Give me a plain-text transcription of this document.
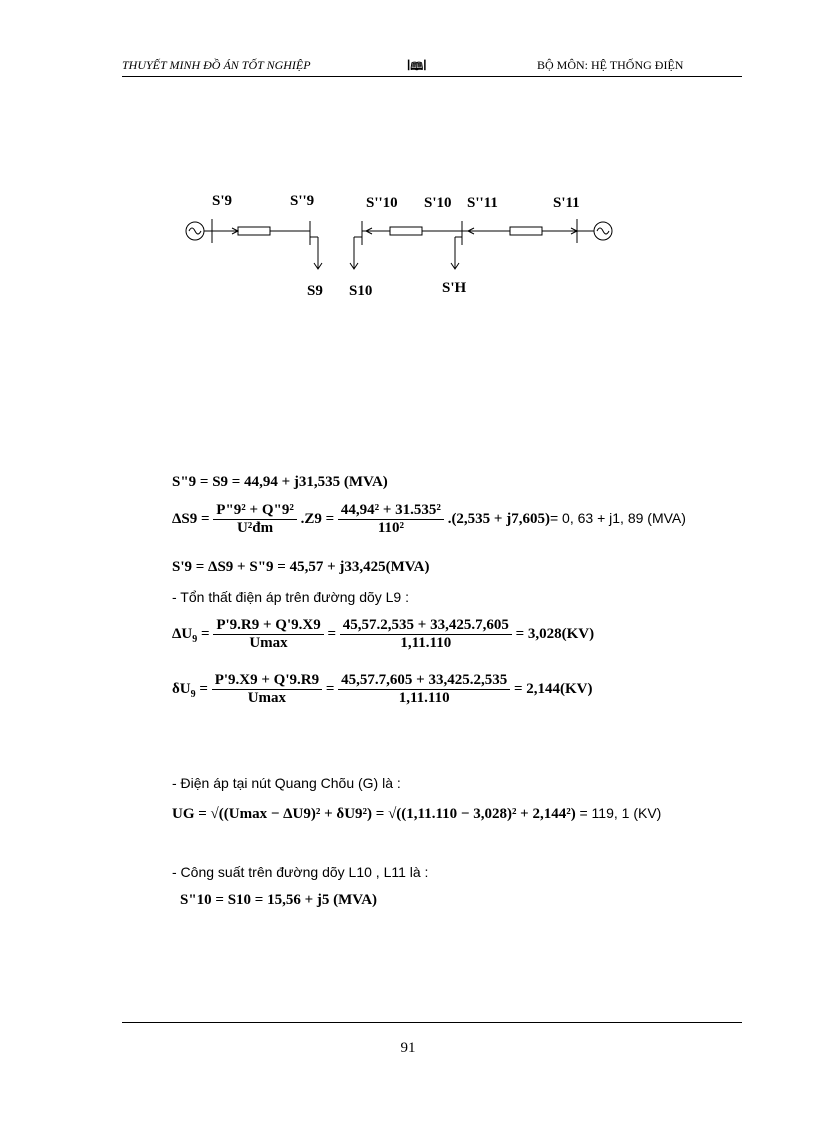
THUYẾT MINH ĐỒ ÁN TỐT NGHIỆP	ꟾ🕮ꟾ	BỘ MÔN: HỆ THỐNG ĐIỆN
S'9	S''9	S''10 S'10 S''11	S'11
S9 S10	S'H
S"9 = S9 = 44,94 + j31,535 (MVA)
$\Delta S9 = \frac{\text{P"9² + Q"9²}}{\text{U²đm}} .Z9 = \frac{\text{44,94² + 31.535²}}{\text{110²}} .(2,535 + j7,605)= 0$, 63 + j1, 89 (MVA)
S'9 = ΔS9 + S"9 = 45,57 + j33,425(MVA)
- Tổn thất điện áp trên đường dõy L9 :
$\Delta U_9 = \frac{P'9.R9 + Q'9.X9}{Umax} = \frac{45,57.2,535 + 33,425.7,605}{1,11.110} = 3,028(KV)$
$\delta U_9 = \frac{P'9.X9 + Q'9.R9}{Umax} = \frac{45,57.7,605 + 33,425.2,535}{1,11.110} = 2,144(KV)$
- Điện áp tại nút Quang Chõu (G) là :
UG = √((Umax − ΔU9)² + δU9²) = √((1,11.110 − 3,028)² + 2,144²) = 119, 1 (KV)
- Công suất trên đường dõy L10 , L11 là :
S"10 = S10 = 15,56 + j5 (MVA)
91
